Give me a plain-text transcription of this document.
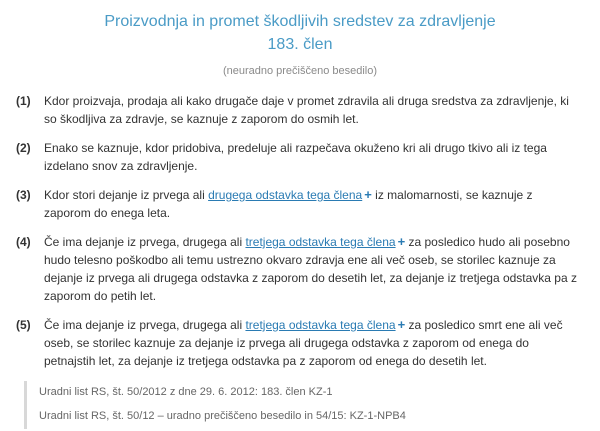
Proizvodnja in promet škodljivih sredstev za zdravljenje
183. člen
(neuradno prečiščeno besedilo)
(1)	Kdor proizvaja, prodaja ali kako drugače daje v promet zdravila ali druga sredstva za zdravljenje, ki so škodljiva za zdravje, se kaznuje z zaporom do osmih let.
(2)	Enako se kaznuje, kdor pridobiva, predeluje ali razpečava okuženo kri ali drugo tkivo ali iz tega izdelano snov za zdravljenje.
(3)	Kdor stori dejanje iz prvega ali drugega odstavka tega člena + iz malomarnosti, se kaznuje z zaporom do enega leta.
(4)	Če ima dejanje iz prvega, drugega ali tretjega odstavka tega člena + za posledico hudo ali posebno hudo telesno poškodbo ali temu ustrezno okvaro zdravja ene ali več oseb, se storilec kaznuje za dejanje iz prvega ali drugega odstavka z zaporom do desetih let, za dejanje iz tretjega odstavka pa z zaporom do petih let.
(5)	Če ima dejanje iz prvega, drugega ali tretjega odstavka tega člena + za posledico smrt ene ali več oseb, se storilec kaznuje za dejanje iz prvega ali drugega odstavka z zaporom od enega do petnajstih let, za dejanje iz tretjega odstavka pa z zaporom od enega do desetih let.
Uradni list RS, št. 50/2012 z dne 29. 6. 2012: 183. člen KZ-1
Uradni list RS, št. 50/12 – uradno prečiščeno besedilo in 54/15: KZ-1-NPB4
